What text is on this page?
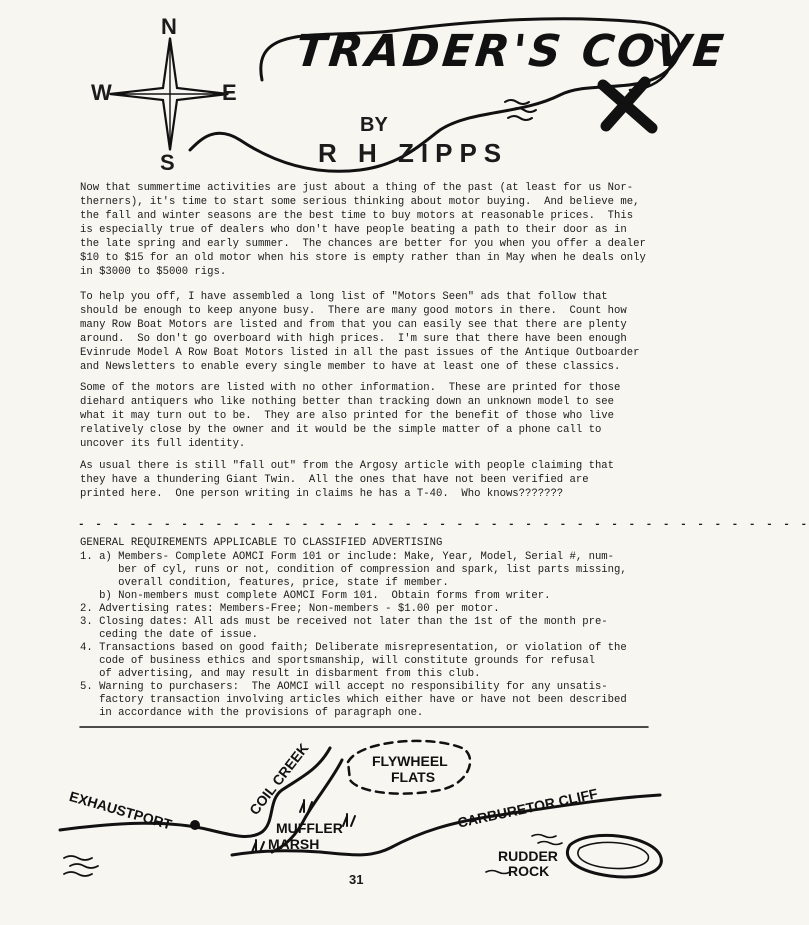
N
S
E
W
TRADER'S COVE
BY
R H ZIPPS
Now that summertime activities are just about a thing of the past (at least for us Nor-
therners), it's time to start some serious thinking about motor buying.  And believe me,
the fall and winter seasons are the best time to buy motors at reasonable prices.  This
is especially true of dealers who don't have people beating a path to their door as in
the late spring and early summer.  The chances are better for you when you offer a dealer
$10 to $15 for an old motor when his store is empty rather than in May when he deals only
in $3000 to $5000 rigs.
To help you off, I have assembled a long list of "Motors Seen" ads that follow that
should be enough to keep anyone busy.  There are many good motors in there.  Count how
many Row Boat Motors are listed and from that you can easily see that there are plenty
around.  So don't go overboard with high prices.  I'm sure that there have been enough
Evinrude Model A Row Boat Motors listed in all the past issues of the Antique Outboarder
and Newsletters to enable every single member to have at least one of these classics.
Some of the motors are listed with no other information.  These are printed for those
diehard antiquers who like nothing better than tracking down an unknown model to see
what it may turn out to be.  They are also printed for the benefit of those who live
relatively close by the owner and it would be the simple matter of a phone call to
uncover its full identity.
As usual there is still "fall out" from the Argosy article with people claiming that
they have a thundering Giant Twin.  All the ones that have not been verified are
printed here.  One person writing in claims he has a T-40.  Who knows???????
- - - - - - - - - - - - - - - - - - - - - - - - - - - - - - - - - - - - - - - - - - -
GENERAL REQUIREMENTS APPLICABLE TO CLASSIFIED ADVERTISING
1. a) Members- Complete AOMCI Form 101 or include: Make, Year, Model, Serial #, num-
ber of cyl, runs or not, condition of compression and spark, list parts missing,
overall condition, features, price, state if member.
b) Non-members must complete AOMCI Form 101.  Obtain forms from writer.
2. Advertising rates: Members-Free; Non-members - $1.00 per motor.
3. Closing dates: All ads must be received not later than the 1st of the month pre-
ceding the date of issue.
4. Transactions based on good faith; Deliberate misrepresentation, or violation of the
code of business ethics and sportsmanship, will constitute grounds for refusal
of advertising, and may result in disbarment from this club.
5. Warning to purchasers:  The AOMCI will accept no responsibility for any unsatis-
factory transaction involving articles which either have or have not been described
in accordance with the provisions of paragraph one.
EXHAUSTPORT	COIL CREEK	FLYWHEEL
FLATS
MUFFLER
MARSH
CARBURETOR CLIFF
RUDDER
ROCK
31
